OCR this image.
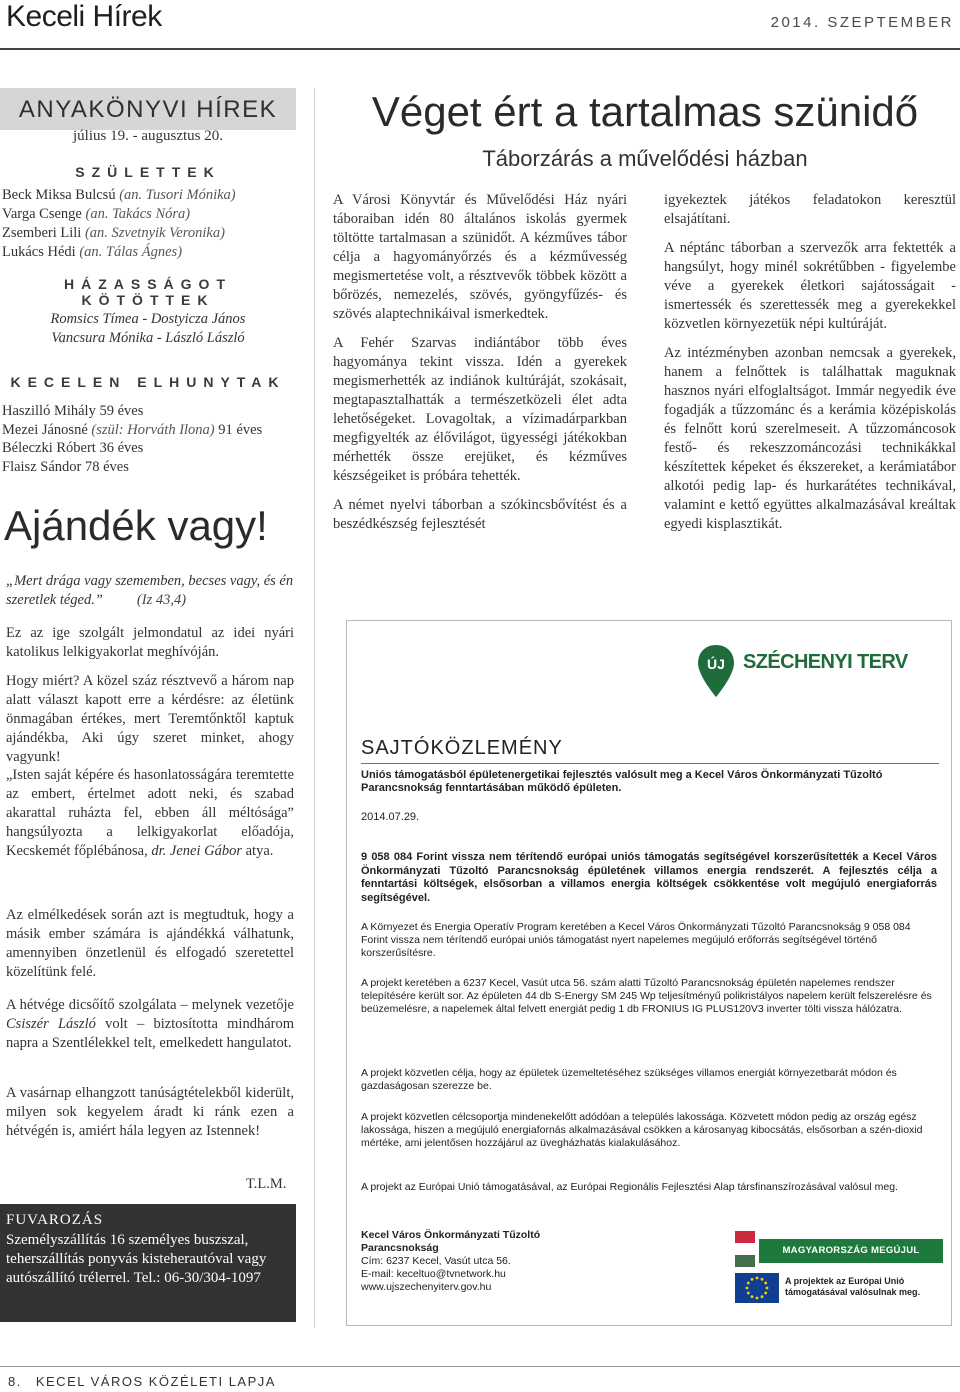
Keceli Hírek	2014. SZEPTEMBER
ANYAKÖNYVI HÍREK
július 19. - augusztus 20.
SZÜLETTEK
Beck Miksa Bulcsú (an. Tusori Mónika)
Varga Csenge (an. Takács Nóra)
Zsemberi Lili (an. Szvetnyik Veronika)
Lukács Hédi (an. Tálas Ágnes)
HÁZASSÁGOT KÖTÖTTEK
Romsics Tímea - Dostyicza János
Vancsura Mónika - László László
KECELEN ELHUNYTAK
Haszilló Mihály 59 éves
Mezei Jánosné (szül: Horváth Ilona) 91 éves
Béleczki Róbert 36 éves
Flaisz Sándor 78 éves
Ajándék vagy!
„Mert drága vagy szememben, becses vagy, és én szeretlek téged.” (Iz 43,4)
Ez az ige szolgált jelmondatul az idei nyári katolikus lelkigyakorlat meghívóján.
Hogy miért? A közel száz résztvevő a három nap alatt választ kapott erre a kérdésre: az életünk önmagában értékes, mert Teremtőnktől kaptuk ajándékba, Aki úgy szeret minket, ahogy vagyunk!
„Isten saját képére és hasonlatosságára teremtette az embert, értelmet adott neki, és szabad akarattal ruházta fel, ebben áll méltósága” hangsúlyozta a lelkigyakorlat előadója, Kecskemét főplébánosa, dr. Jenei Gábor atya.
Az elmélkedések során azt is megtudtuk, hogy a másik ember számára is ajándékká válhatunk, amennyiben önzetlenül és elfogadó szeretettel közelítünk felé.
A hétvége dicsőítő szolgálata – melynek vezetője Csiszér László volt – biztosította mindhárom napra a Szentlélekkel telt, emelkedett hangulatot.
A vasárnap elhangzott tanúságtételekből kiderült, milyen sok kegyelem áradt ki ránk ezen a hétvégén is, amiért hála legyen az Istennek!
T.L.M.
FUVAROZÁS
Személyszállítás 16 személyes buszszal, teherszállítás ponyvás kisteherautóval vagy autószállító trélerrel. Tel.: 06-30/304-1097
Véget ért a tartalmas szünidő
Táborzárás a művelődési házban

A Városi Könyvtár és Művelődési Ház nyári táboraiban idén 80 általános iskolás gyermek töltötte tartalmasan a szünidőt. A kézműves tábor célja a hagyományőrzés és a kézművesség megismertetése volt, a résztvevők többek között a bőrözés, nemezelés, szövés, gyöngyfűzés- és szövés alaptechnikáival ismerkedtek.

A Fehér Szarvas indiántábor több éves hagyománya tekint vissza. Idén a gyerekek megismerhették az indiánok kultúráját, szokásait, megtapasztalhatták a természetközeli élet adta lehetőségeket. Lovagoltak, a vízimadárparkban megfigyelték az élővilágot, ügyességi játékokban mérhették össze erejüket, és kézműves készségeiket is próbára tehették.

A német nyelvi táborban a szókincsbővítést és a beszédkészség fejlesztését

igyekeztek játékos feladatokon keresztül elsajátítani.

A néptánc táborban a szervezők arra fektették a hangsúlyt, hogy minél sokrétűbben - figyelembe véve a gyerekek életkori sajátosságait - ismertessék és szerettessék meg a gyerekekkel közvetlen környezetük népi kultúráját.

Az intézményben azonban nemcsak a gyerekek, hanem a felnőttek is találhattak maguknak hasznos nyári elfoglaltságot. Immár negyedik éve fogadják a tűzzománc és a kerámia középiskolás és felnőtt korú szerelmeseit. A tűzzománcosok festő- és rekeszzománcozási technikákkal készítettek képeket és ékszereket, a kerámiatábor alkotói pedig lap- és hurkarátétes technikával, valamint e kettő együttes alkalmazásával kreáltak egyedi kisplasztikát.

ÚJ SZÉCHENYI TERV
SAJTÓKÖZLEMÉNY
Uniós támogatásból épületenergetikai fejlesztés valósult meg a Kecel Város Önkormányzati Tűzoltó Parancsnokság fenntartásában működő épületen.
2014.07.29.
9 058 084 Forint vissza nem térítendő európai uniós támogatás segítségével korszerűsítették a Kecel Város Önkormányzati Tűzoltó Parancsnokság épületének villamos energia rendszerét. A fejlesztés célja a fenntartási költségek, elsősorban a villamos energia költségek csökkentése volt megújuló energiaforrás segítségével.
A Környezet és Energia Operatív Program keretében a Kecel Város Önkormányzati Tűzoltó Parancsnokság 9 058 084 Forint vissza nem térítendő európai uniós támogatást nyert napelemes megújuló erőforrás segítségével történő korszerűsítésre.
A projekt keretében a 6237 Kecel, Vasút utca 56. szám alatti Tűzoltó Parancsnokság épületén napelemes rendszer telepítésére került sor. Az épületen 44 db S-Energy SM 245 Wp teljesítményű polikristályos napelem került felszerelésre és beüzemelésre, a napelemek által felvett energiát pedig 1 db FRONIUS IG PLUS120V3 inverter tölti vissza hálózatra.
A projekt közvetlen célja, hogy az épületek üzemeltetéséhez szükséges villamos energiát környezetbarát módon és gazdaságosan szerezze be.
A projekt közvetlen célcsoportja mindenekelőtt adódóan a település lakossága. Közvetett módon pedig az ország egész lakossága, hiszen a megújuló energiafornás alkalmazásával csökken a károsanyag kibocsátás, elsősorban a szén-dioxid mértéke, ami jelentősen hozzájárul az üvegházhatás kialakulásához.
A projekt az Európai Unió támogatásával, az Európai Regionális Fejlesztési Alap társfinanszírozásával valósul meg.
Kecel Város Önkormányzati Tűzoltó Parancsnokság
Cím: 6237 Kecel, Vasút utca 56.
E-mail: keceltuo@tvnetwork.hu
www.ujszechenyiterv.gov.hu
MAGYARORSZÁG MEGÚJUL
A projektek az Európai Unió támogatásával valósulnak meg.
8. KECEL VÁROS KÖZÉLETI LAPJA
